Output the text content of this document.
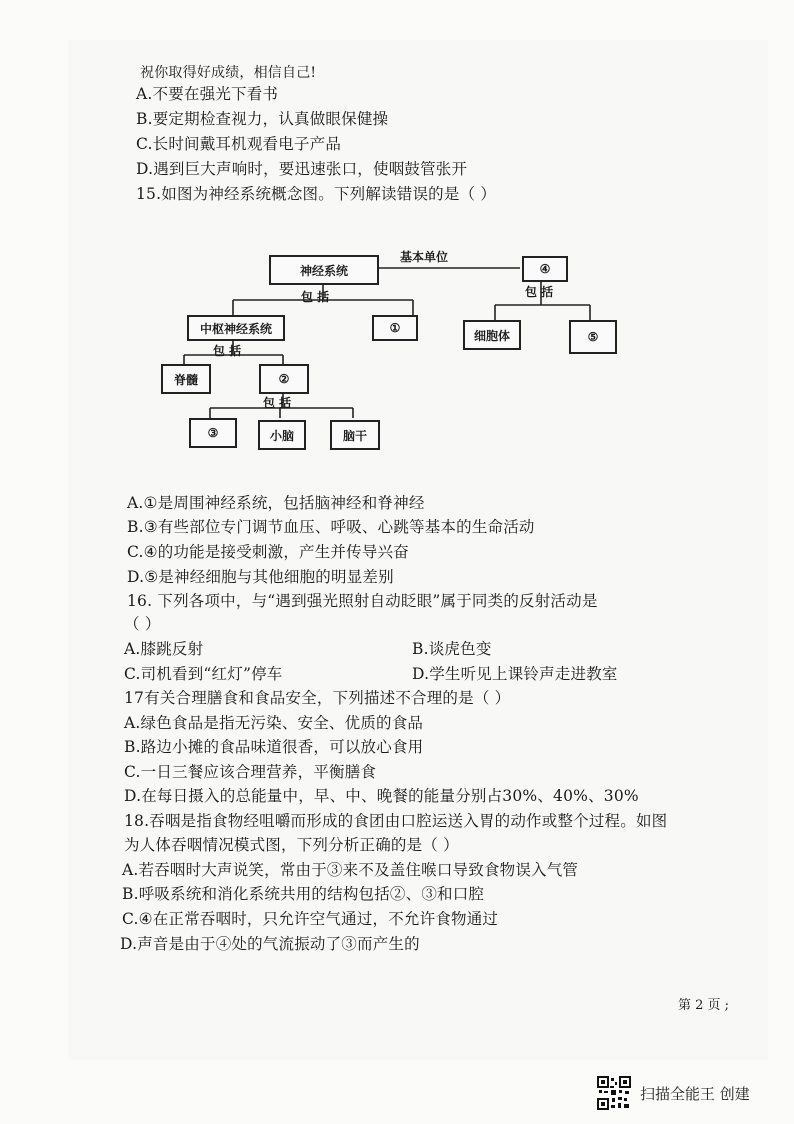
祝你取得好成绩，相信自己!
A.不要在强光下看书
B.要定期检查视力，认真做眼保健操
C.长时间戴耳机观看电子产品
D.遇到巨大声响时，要迅速张口，使咽鼓管张开
15.如图为神经系统概念图。下列解读错误的是（ ）
神经系统
基本单位
④
包 括	包 括
中枢神经系统	①
细胞体	⑤
包 括
脊髓	②
包 括
③	小脑	脑干
A.①是周围神经系统，包括脑神经和脊神经
B.③有些部位专门调节血压、呼吸、心跳等基本的生命活动
C.④的功能是接受刺激，产生并传导兴奋
D.⑤是神经细胞与其他细胞的明显差别
16. 下列各项中，与“遇到强光照射自动眨眼”属于同类的反射活动是
（ ）
A.膝跳反射	B.谈虎色变
C.司机看到“红灯”停车	D.学生听见上课铃声走进教室
17有关合理膳食和食品安全，下列描述不合理的是（ ）
A.绿色食品是指无污染、安全、优质的食品
B.路边小摊的食品味道很香，可以放心食用
C.一日三餐应该合理营养，平衡膳食
D.在每日摄入的总能量中，早、中、晚餐的能量分别占30%、40%、30%
18.吞咽是指食物经咀嚼而形成的食团由口腔运送入胃的动作或整个过程。如图
为人体吞咽情况模式图，下列分析正确的是（ ）
A.若吞咽时大声说笑，常由于③来不及盖住喉口导致食物误入气管
B.呼吸系统和消化系统共用的结构包括②、③和口腔
C.④在正常吞咽时，只允许空气通过，不允许食物通过
D.声音是由于④处的气流振动了③而产生的
第 2 页 ;
扫描全能王 创建
